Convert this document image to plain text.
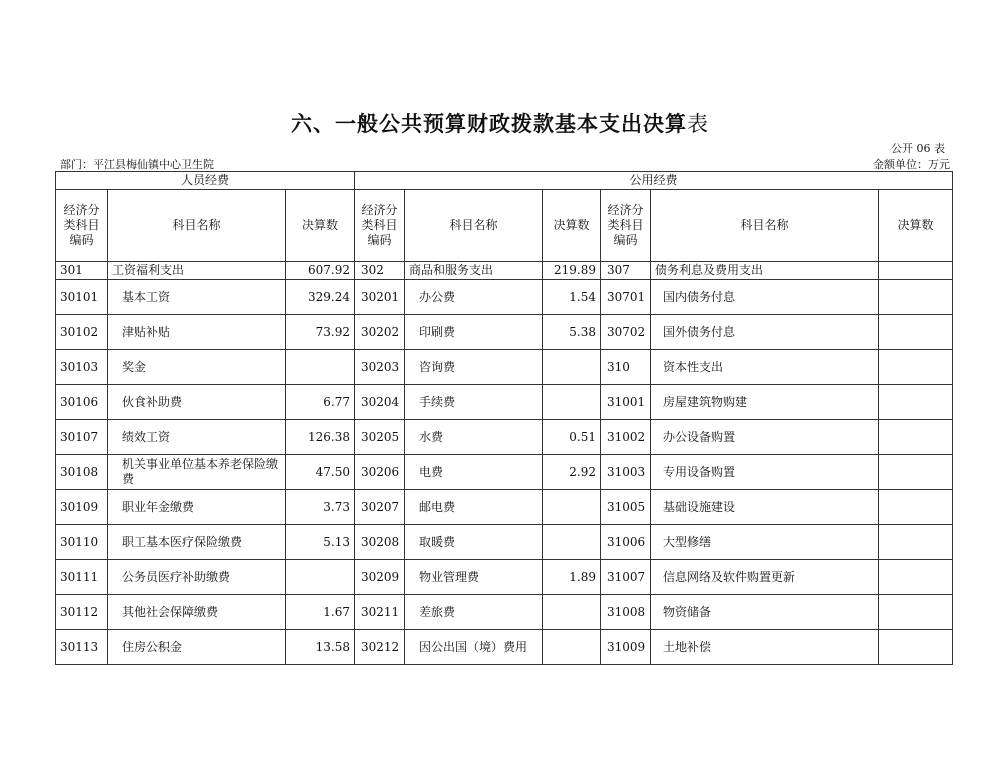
六、一般公共预算财政拨款基本支出决算表
公开 06 表
部门：平江县梅仙镇中心卫生院	金额单位：万元
人员经费			公用经费					
经济分类科目编码	科目名称	决算数	经济分类科目编码	科目名称	决算数	经济分类科目编码	科目名称	决算数
301	工资福利支出	607.92	302	商品和服务支出	219.89	307	债务利息及费用支出	
30101	基本工资	329.24	30201	办公费	1.54	30701	国内债务付息	
30102	津贴补贴	73.92	30202	印刷费	5.38	30702	国外债务付息	
30103	奖金		30203	咨询费		310	资本性支出	
30106	伙食补助费	6.77	30204	手续费		31001	房屋建筑物购建	
30107	绩效工资	126.38	30205	水费	0.51	31002	办公设备购置	
30108	机关事业单位基本养老保险缴费	47.50	30206	电费	2.92	31003	专用设备购置	
30109	职业年金缴费	3.73	30207	邮电费		31005	基础设施建设	
30110	职工基本医疗保险缴费	5.13	30208	取暖费		31006	大型修缮	
30111	公务员医疗补助缴费		30209	物业管理费	1.89	31007	信息网络及软件购置更新	
30112	其他社会保障缴费	1.67	30211	差旅费		31008	物资储备	
30113	住房公积金	13.58	30212	因公出国（境）费用		31009	土地补偿	
